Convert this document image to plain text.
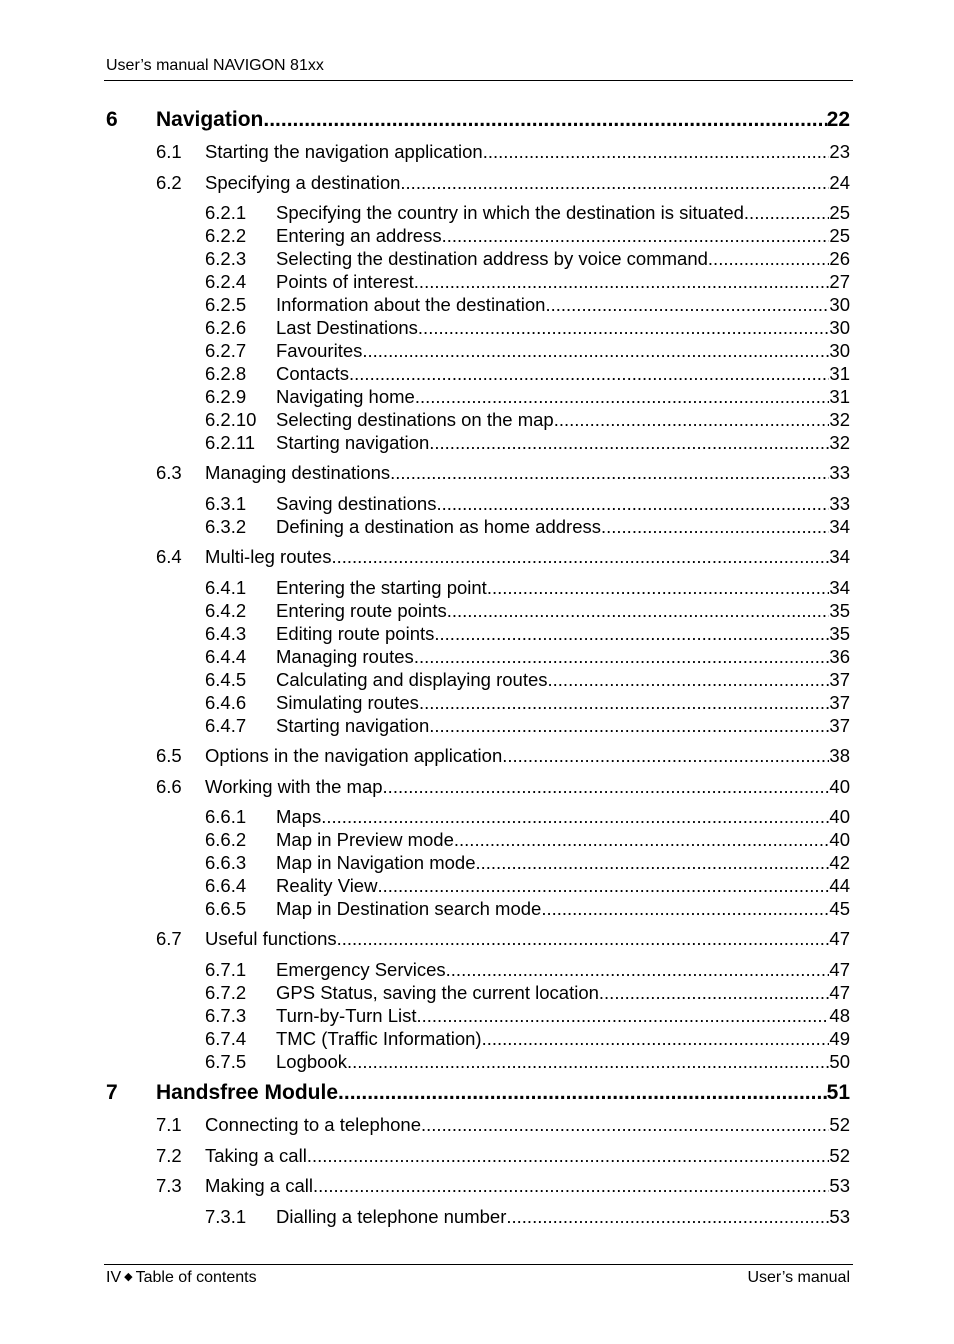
User’s manual NAVIGON 81xx
6 Navigation .....	22
6.1 Starting the navigation application .....	23
6.2 Specifying a destination .....	24
6.2.1 Specifying the country in which the destination is situated .....	25
6.2.2 Entering an address .....	25
6.2.3 Selecting the destination address by voice command .....	26
6.2.4 Points of interest .....	27
6.2.5 Information about the destination .....	30
6.2.6 Last Destinations .....	30
6.2.7 Favourites .....	30
6.2.8 Contacts .....	31
6.2.9 Navigating home .....	31
6.2.10 Selecting destinations on the map .....	32
6.2.11 Starting navigation .....	32
6.3 Managing destinations .....	33
6.3.1 Saving destinations .....	33
6.3.2 Defining a destination as home address .....	34
6.4 Multi-leg routes .....	34
6.4.1 Entering the starting point .....	34
6.4.2 Entering route points .....	35
6.4.3 Editing route points .....	35
6.4.4 Managing routes .....	36
6.4.5 Calculating and displaying routes .....	37
6.4.6 Simulating routes .....	37
6.4.7 Starting navigation .....	37
6.5 Options in the navigation application .....	38
6.6 Working with the map .....	40
6.6.1 Maps .....	40
6.6.2 Map in Preview mode .....	40
6.6.3 Map in Navigation mode .....	42
6.6.4 Reality View .....	44
6.6.5 Map in Destination search mode .....	45
6.7 Useful functions .....	47
6.7.1 Emergency Services .....	47
6.7.2 GPS Status, saving the current location .....	47
6.7.3 Turn-by-Turn List .....	48
6.7.4 TMC (Traffic Information) .....	49
6.7.5 Logbook .....	50
7 Handsfree Module .....	51
7.1 Connecting to a telephone .....	52
7.2 Taking a call .....	52
7.3 Making a call .....	53
7.3.1 Dialling a telephone number .....	53
IV ◆ Table of contents	User’s manual
